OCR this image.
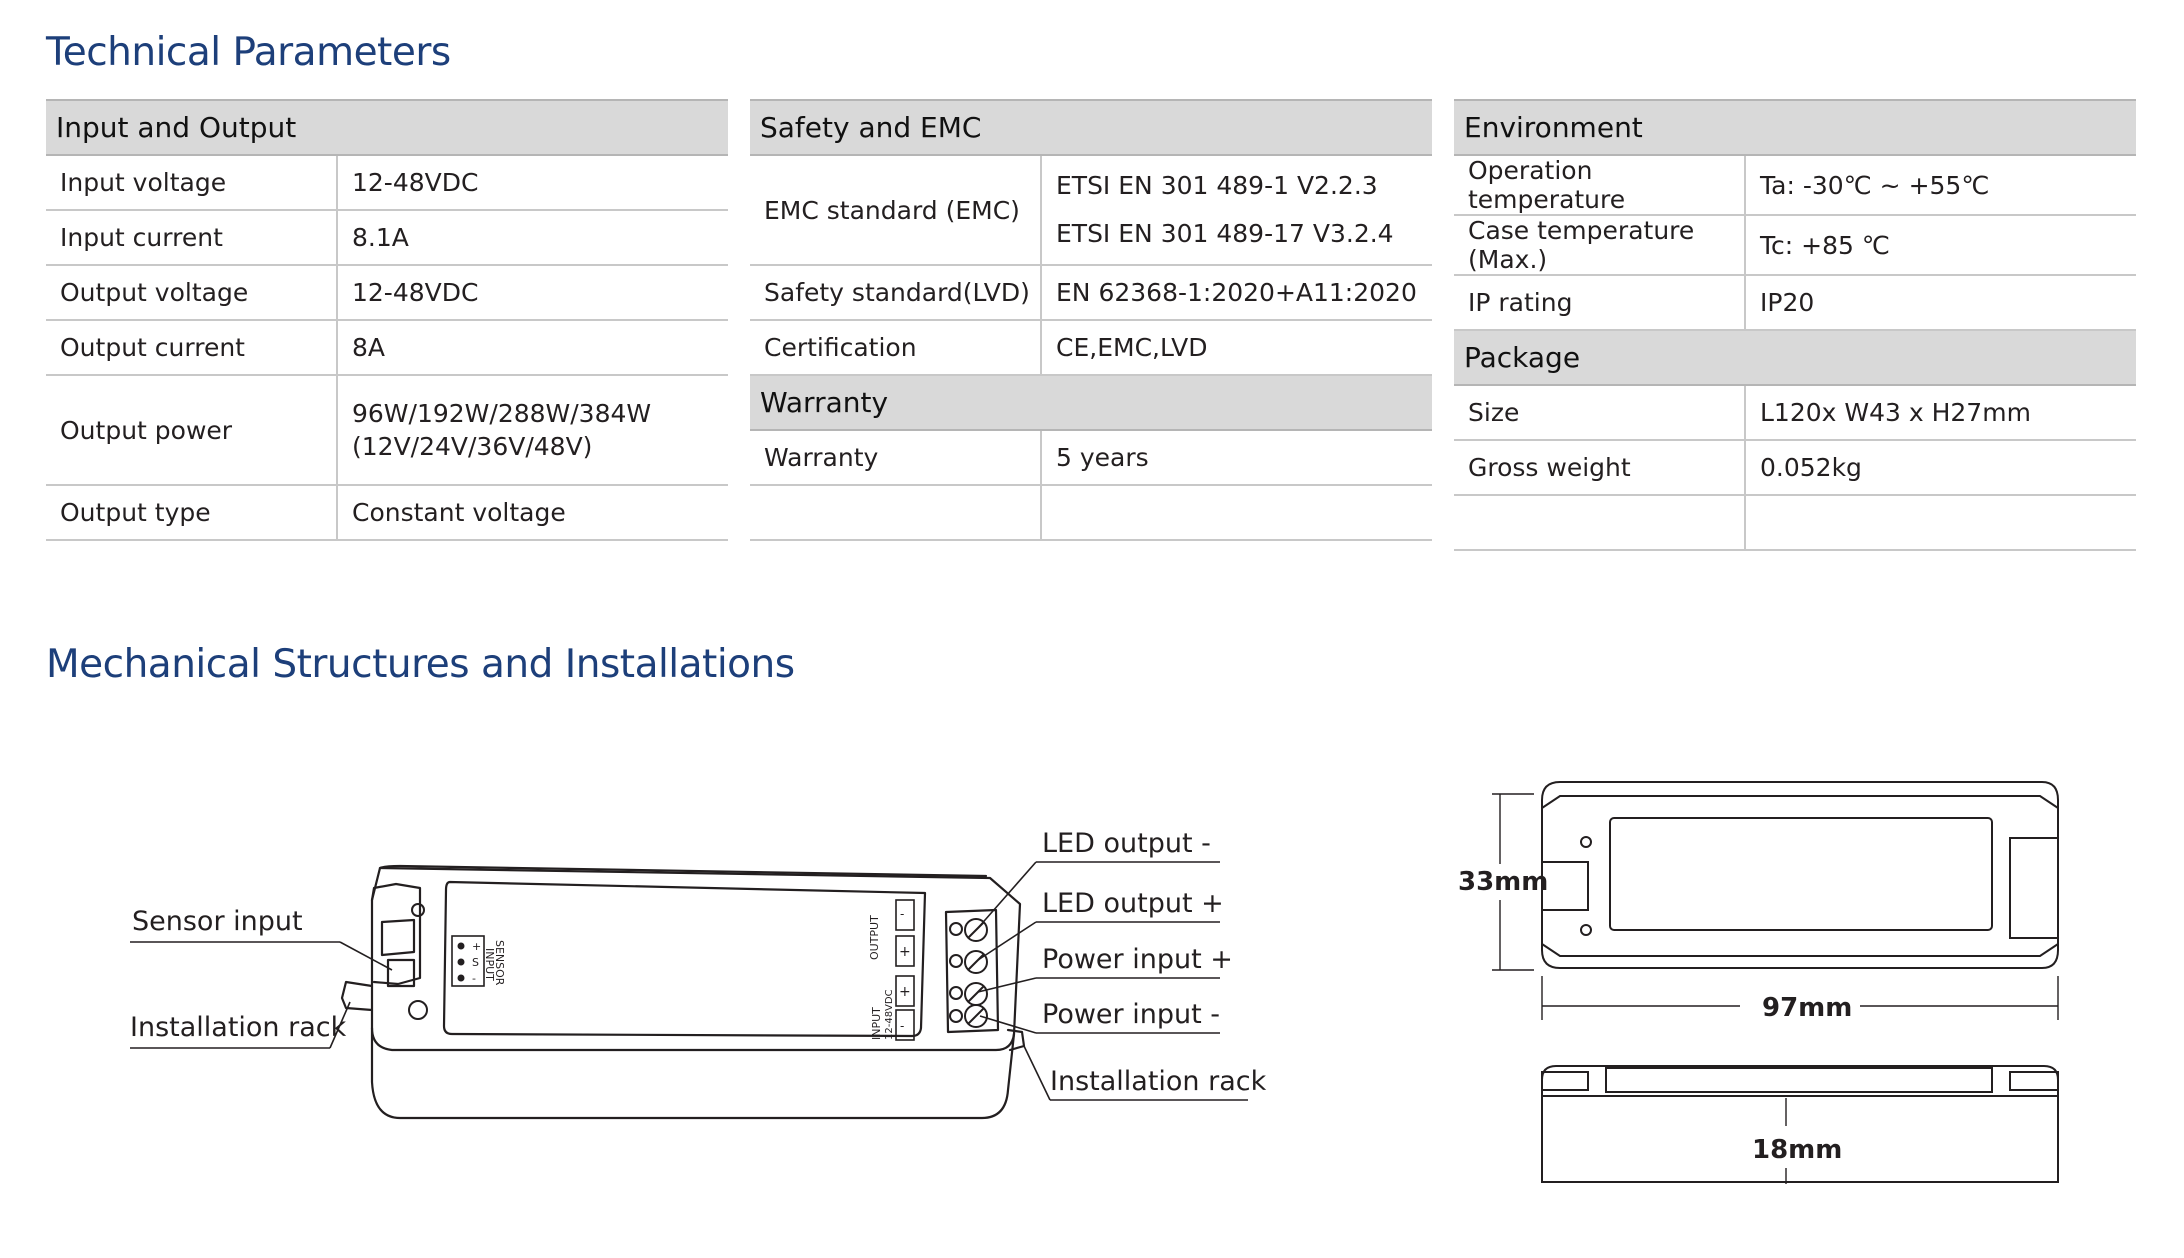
Technical Parameters
Input and Output	
Input voltage	12-48VDC
Input current	8.1A
Output voltage	12-48VDC
Output current	8A
Output power	96W/192W/288W/384W
(12V/24V/36V/48V)

Output type	Constant voltage
Safety and EMC	
EMC standard (EMC)	ETSI EN 301 489-1 V2.2.3
ETSI EN 301 489-17 V3.2.4

Safety standard(LVD)	EN 62368-1:2020+A11:2020
Certification	CE,EMC,LVD
Warranty	
Warranty	5 years

Environment	
Operation temperature	Ta: -30℃ ~ +55℃
Case temperature (Max.)	Tc: +85 ℃
IP rating	IP20
Package	
Size	L120x W43 x H27mm
Gross weight	0.052kg

Mechanical Structures and Installations
+
S
- SENSOR
INPUT
-
+
+
-
OUTPUT
INPUT 12-48VDC
Sensor input
Installation rack
LED output -
LED output +
Power input +
Power input -
Installation rack
33mm
97mm
18mm
